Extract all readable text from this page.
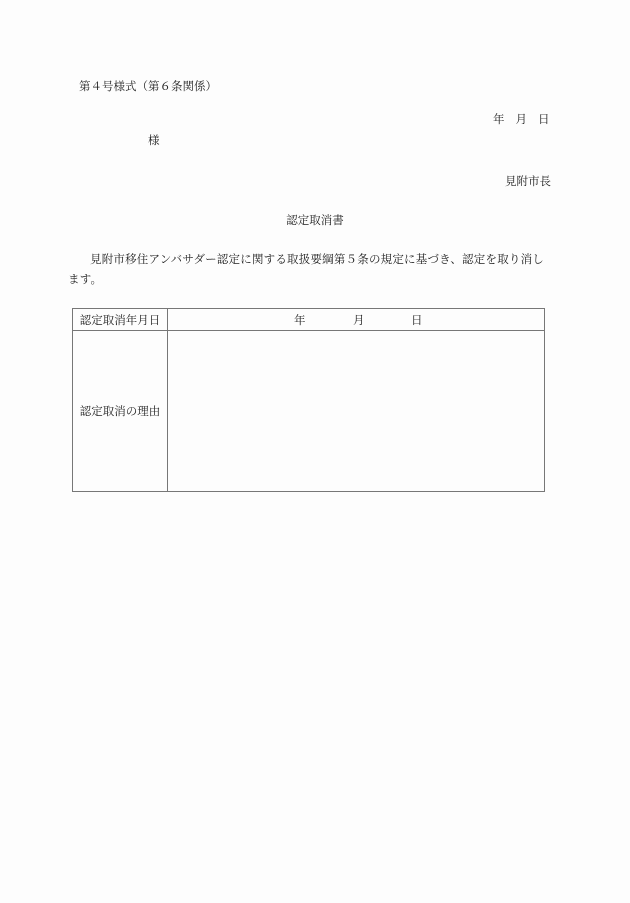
第４号様式（第６条関係）
年 月 日
様
見附市長
認定取消書
見附市移住アンバサダー認定に関する取扱要綱第５条の規定に基づき、認定を取り消し
ます。
認定取消年月日	年 月 日

認定取消の理由	
